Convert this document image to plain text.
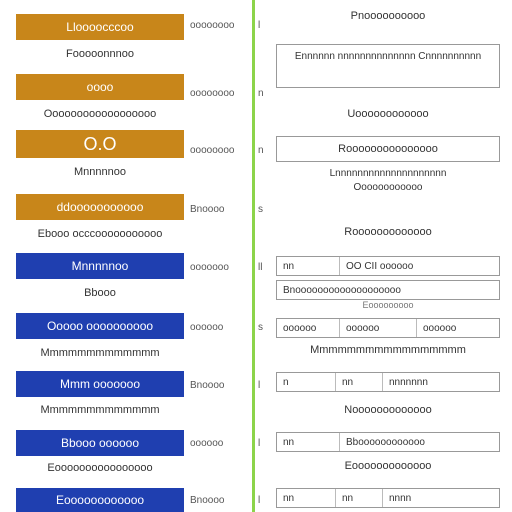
Lloooocccoo
Fooooonnnoo
oooo
Oooooooooooooooooo
O.O
Mnnnnnoo
ddooooooooooo
Ebooo occcooooooooooo
Mnnnnnoo
Bbooo
Ooooo oooooooooo
Mmmmmmmmmmmmm
Mmm ooooooo
Mmmmmmmmmmmmm
Bbooo oooooo
Eoooooooooooooooo
Eoooooooooooo
oooooooo	l
oooooooo	n
oooooooo	n
Bnoooo	s
ooooooo	ll
oooooo	s
Bnoooo	l
oooooo	l
Bnoooo	l
Pnoooooooooo
Ennnnnn nnnnnnnnnnnnnn Cnnnnnnnnnn
Uoooooooooooo
Rooooooooooooooo
Lnnnnnnnnnnnnnnnnnnnn
Oooooooooooo
Rooooooooooooo
nn	OO CII oooooo
Bnooooooooooooooooooo
oooooo	oooooo	oooooo
Mmmmmmmmmmmmmmmmm
n	nn	nnnnnnn
Nooooooooooooo
nn	Bboooooooooooo
Eooooooooooooo
nn	nn	nnnn
Eooooooooo
